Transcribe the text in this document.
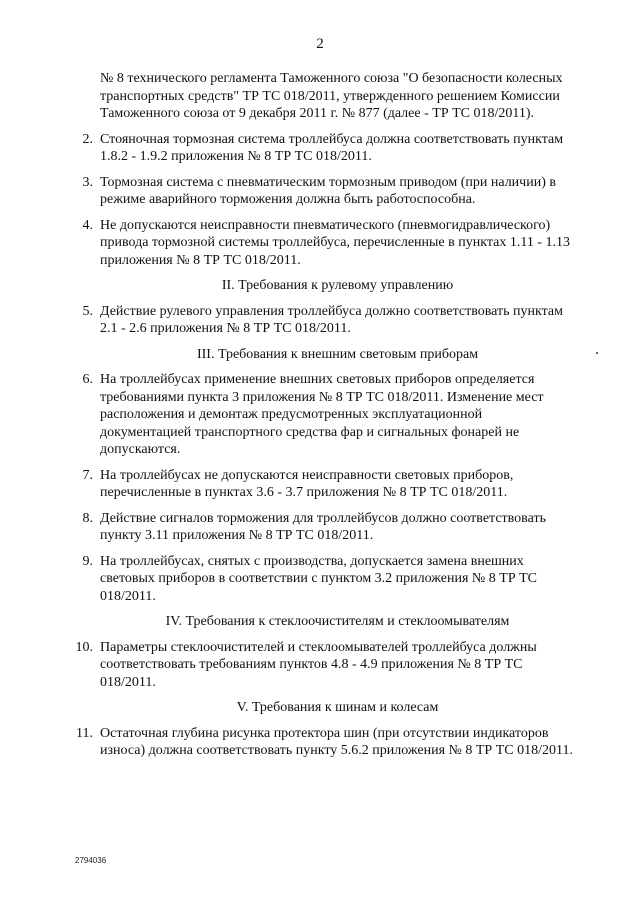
2

№ 8 технического регламента Таможенного союза "О безопасности колесных транспортных средств" ТР ТС 018/2011, утвержденного решением Комиссии Таможенного союза от 9 декабря 2011 г. № 877 (далее - ТР ТС 018/2011).

2. Стояночная тормозная система троллейбуса должна соответствовать пунктам 1.8.2 - 1.9.2 приложения № 8 ТР ТС 018/2011.
3. Тормозная система с пневматическим тормозным приводом (при наличии) в режиме аварийного торможения должна быть работоспособна.
4. Не допускаются неисправности пневматического (пневмогидравлического) привода тормозной системы троллейбуса, перечисленные в пунктах 1.11 - 1.13 приложения № 8 ТР ТС 018/2011.
II. Требования к рулевому управлению
5. Действие рулевого управления троллейбуса должно соответствовать пунктам 2.1 - 2.6 приложения № 8 ТР ТС 018/2011.
III. Требования к внешним световым приборам
6. На троллейбусах применение внешних световых приборов определяется требованиями пункта 3 приложения № 8 ТР ТС 018/2011. Изменение мест расположения и демонтаж предусмотренных эксплуатационной документацией транспортного средства фар и сигнальных фонарей не допускаются.
7. На троллейбусах не допускаются неисправности световых приборов, перечисленные в пунктах 3.6 - 3.7 приложения № 8 ТР ТС 018/2011.
8. Действие сигналов торможения для троллейбусов должно соответствовать пункту 3.11 приложения № 8 ТР ТС 018/2011.
9. На троллейбусах, снятых с производства, допускается замена внешних световых приборов в соответствии с пунктом 3.2 приложения № 8 ТР ТС 018/2011.
IV. Требования к стеклоочистителям и стеклоомывателям
10. Параметры стеклоочистителей и стеклоомывателей троллейбуса должны соответствовать требованиям пунктов 4.8 - 4.9 приложения № 8 ТР ТС 018/2011.
V. Требования к шинам и колесам
11. Остаточная глубина рисунка протектора шин (при отсутствии индикаторов износа) должна соответствовать пункту 5.6.2 приложения № 8 ТР ТС 018/2011.
2794036
